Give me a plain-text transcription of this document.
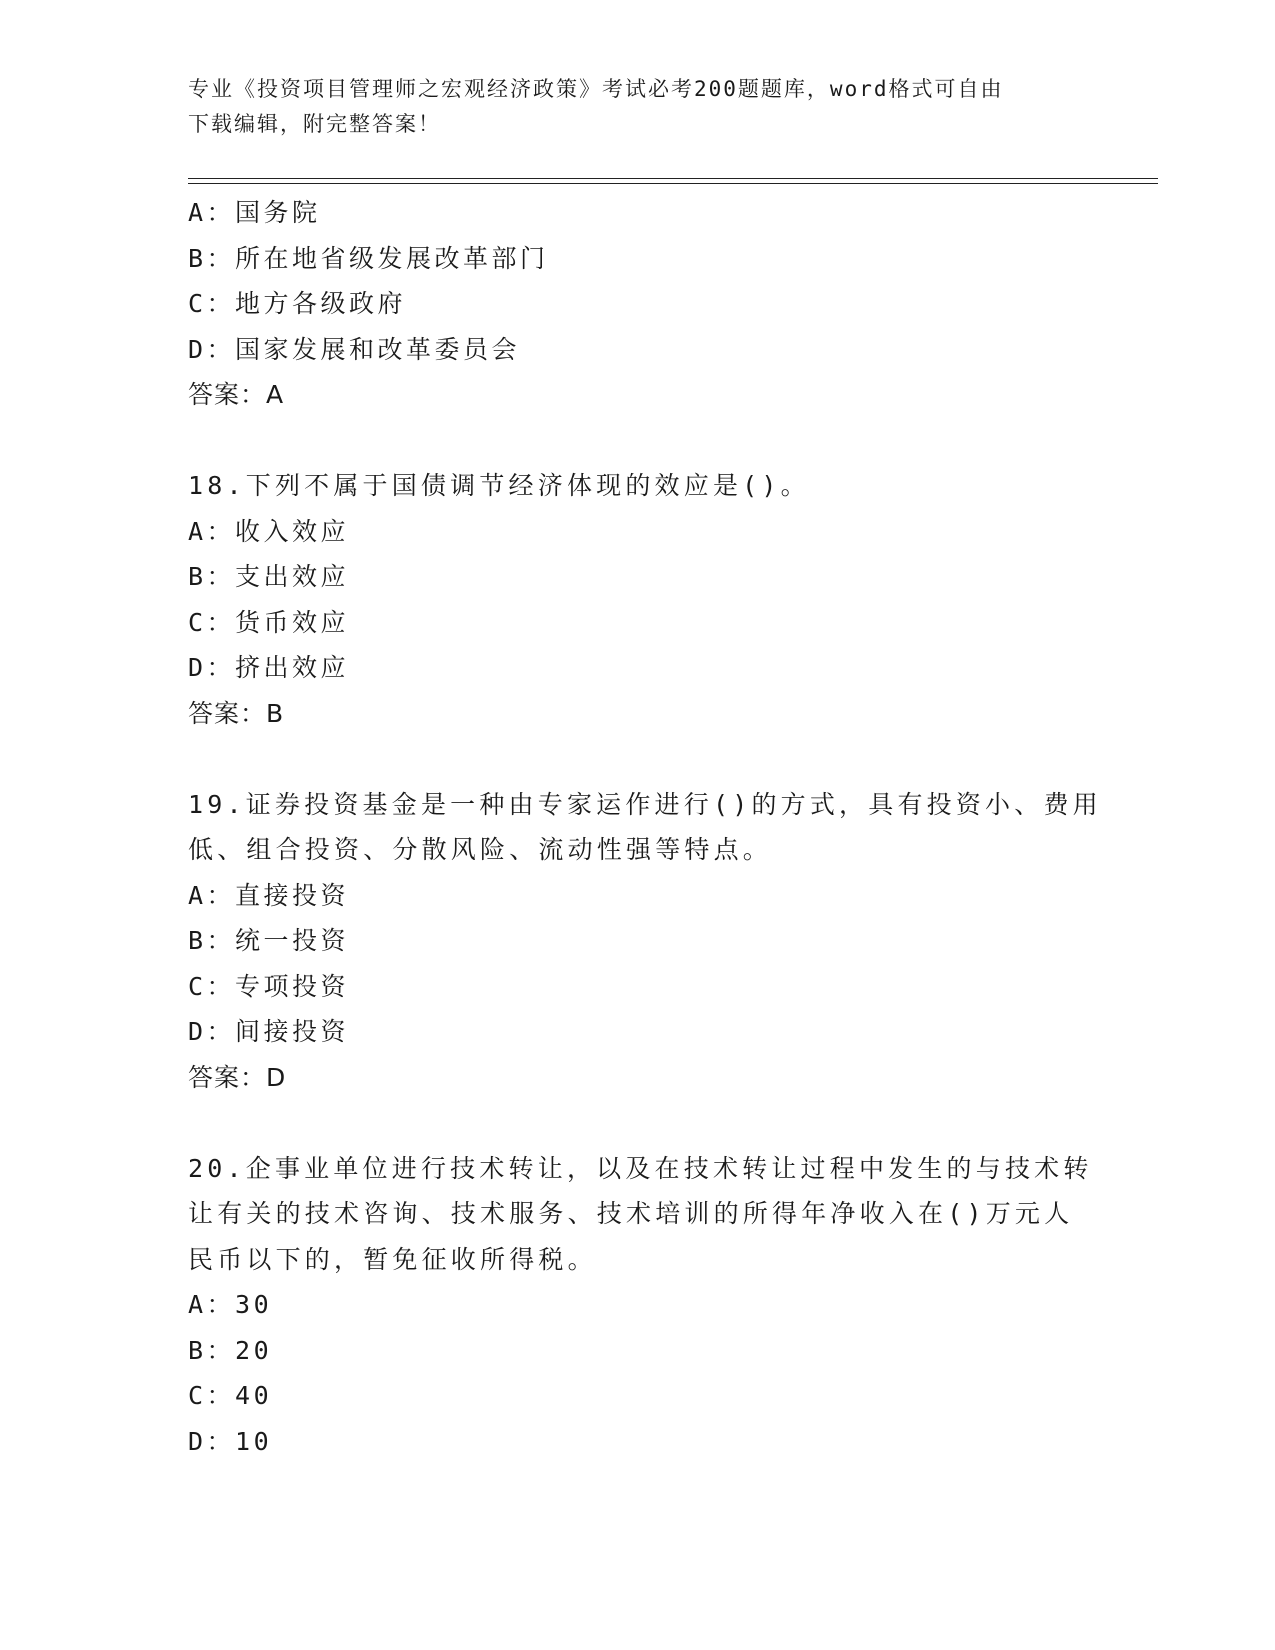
专业《投资项目管理师之宏观经济政策》考试必考200题题库，word格式可自由
下载编辑，附完整答案！
A：国务院
B：所在地省级发展改革部门
C：地方各级政府
D：国家发展和改革委员会
答案：A
18.下列不属于国债调节经济体现的效应是()。
A：收入效应
B：支出效应
C：货币效应
D：挤出效应
答案：B
19.证券投资基金是一种由专家运作进行()的方式，具有投资小、费用
低、组合投资、分散风险、流动性强等特点。
A：直接投资
B：统一投资
C：专项投资
D：间接投资
答案：D
20.企事业单位进行技术转让，以及在技术转让过程中发生的与技术转
让有关的技术咨询、技术服务、技术培训的所得年净收入在()万元人
民币以下的，暂免征收所得税。
A：30
B：20
C：40
D：10
